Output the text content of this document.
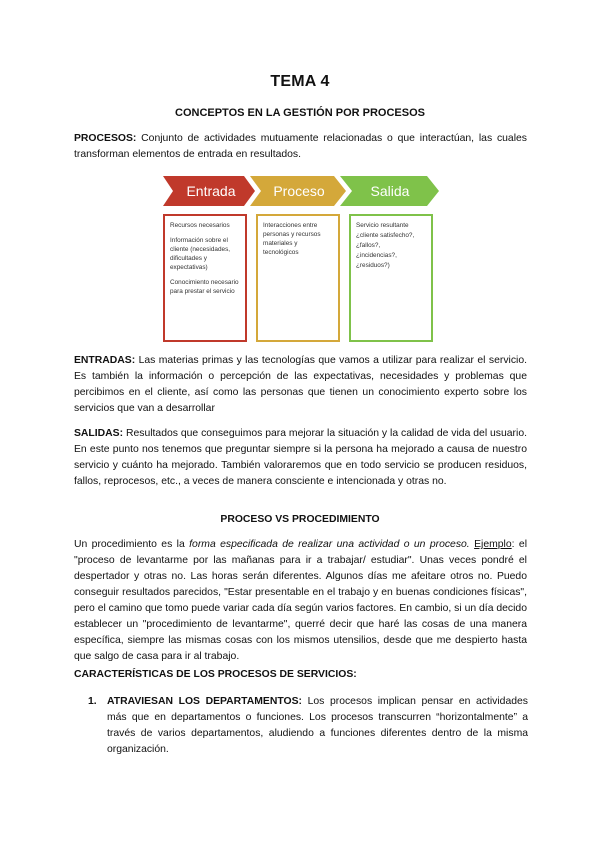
TEMA 4
CONCEPTOS EN LA GESTIÓN POR PROCESOS
PROCESOS: Conjunto de actividades mutuamente relacionadas o que interactúan, las cuales transforman elementos de entrada en resultados.
Entrada	Proceso	Salida

Recursos necesarios

Información sobre el cliente (necesidades, dificultades y expectativas)

Conocimiento necesario para prestar el servicio

Interacciones entre personas y recursos materiales y tecnológicos

Servicio resultante

¿cliente satisfecho?,

¿fallos?,

¿incidencias?,

¿residuos?)

ENTRADAS: Las materias primas y las tecnologías que vamos a utilizar para realizar el servicio. Es también la información o percepción de las expectativas, necesidades y problemas que percibimos en el cliente, así como las personas que tienen un conocimiento experto sobre los servicios que van a desarrollar
SALIDAS: Resultados que conseguimos para mejorar la situación y la calidad de vida del usuario. En este punto nos tenemos que preguntar siempre si la persona ha mejorado a causa de nuestro servicio y cuánto ha mejorado. También valoraremos que en todo servicio se producen residuos, fallos, reprocesos, etc., a veces de manera consciente e intencionada y otras no.
PROCESO VS PROCEDIMIENTO
Un procedimiento es la forma especificada de realizar una actividad o un proceso. Ejemplo: el "proceso de levantarme por las mañanas para ir a trabajar/ estudiar". Unas veces pondré el despertador y otras no. Las horas serán diferentes. Algunos días me afeitare otros no. Puedo conseguir resultados parecidos, "Estar presentable en el trabajo y en buenas condiciones físicas", pero el camino que tomo puede variar cada día según varios factores. En cambio, si un día decido establecer un "procedimiento de levantarme", querré decir que haré las cosas de una manera específica, siempre las mismas cosas con los mismos utensilios, desde que me despierto hasta que salgo de casa para ir al trabajo.
CARACTERÍSTICAS DE LOS PROCESOS DE SERVICIOS:
1. ATRAVIESAN LOS DEPARTAMENTOS: Los procesos implican pensar en actividades más que en departamentos o funciones. Los procesos transcurren “horizontalmente” a través de varios departamentos, aludiendo a funciones diferentes dentro de la misma organización.
